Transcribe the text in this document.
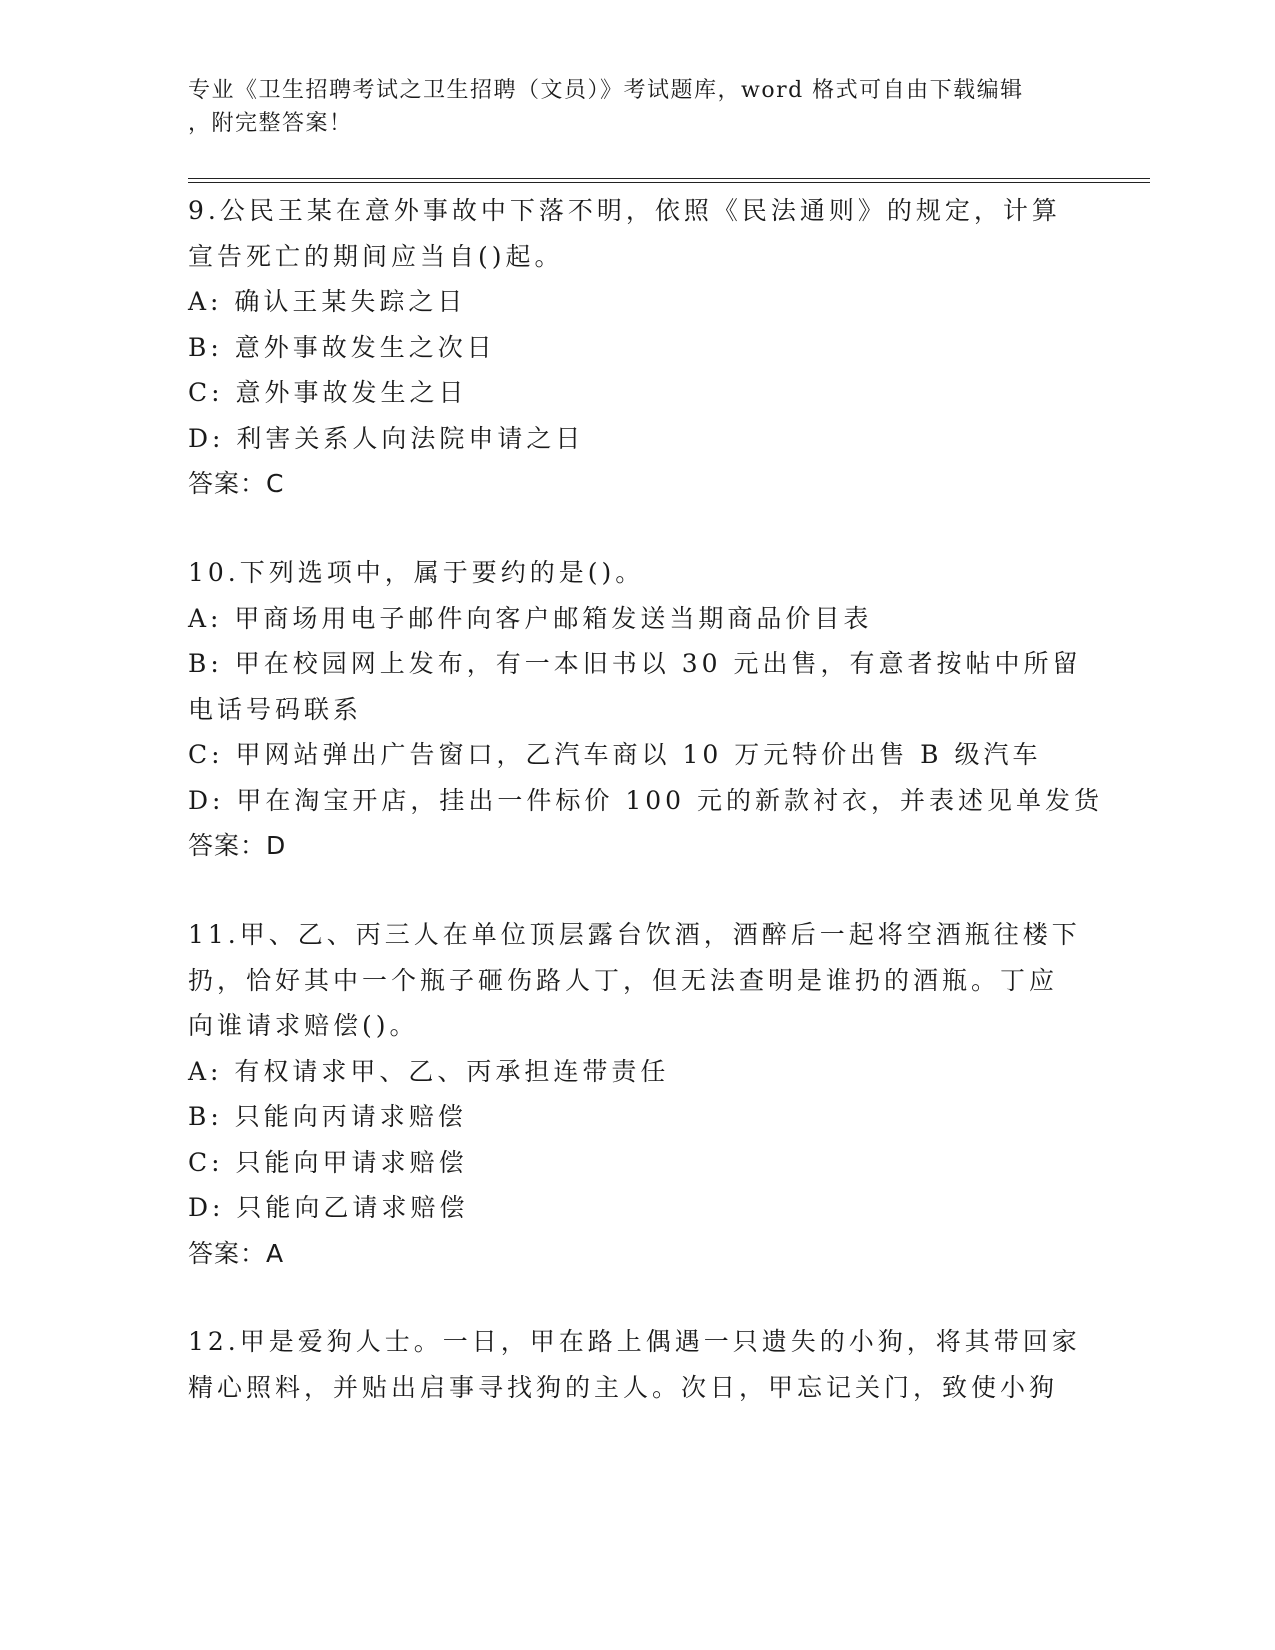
专业《卫生招聘考试之卫生招聘（文员）》考试题库，word 格式可自由下载编辑
，附完整答案！
9.公民王某在意外事故中下落不明，依照《民法通则》的规定，计算
宣告死亡的期间应当自()起。
A: 确认王某失踪之日
B: 意外事故发生之次日
C: 意外事故发生之日
D: 利害关系人向法院申请之日
答案：C
10.下列选项中，属于要约的是()。
A: 甲商场用电子邮件向客户邮箱发送当期商品价目表
B: 甲在校园网上发布，有一本旧书以 30 元出售，有意者按帖中所留
电话号码联系
C: 甲网站弹出广告窗口，乙汽车商以 10 万元特价出售 B 级汽车
D: 甲在淘宝开店，挂出一件标价 100 元的新款衬衣，并表述见单发货
答案：D
11.甲、乙、丙三人在单位顶层露台饮酒，酒醉后一起将空酒瓶往楼下
扔，恰好其中一个瓶子砸伤路人丁，但无法查明是谁扔的酒瓶。丁应
向谁请求赔偿()。
A: 有权请求甲、乙、丙承担连带责任
B: 只能向丙请求赔偿
C: 只能向甲请求赔偿
D: 只能向乙请求赔偿
答案：A
12.甲是爱狗人士。一日，甲在路上偶遇一只遗失的小狗，将其带回家
精心照料，并贴出启事寻找狗的主人。次日，甲忘记关门，致使小狗
